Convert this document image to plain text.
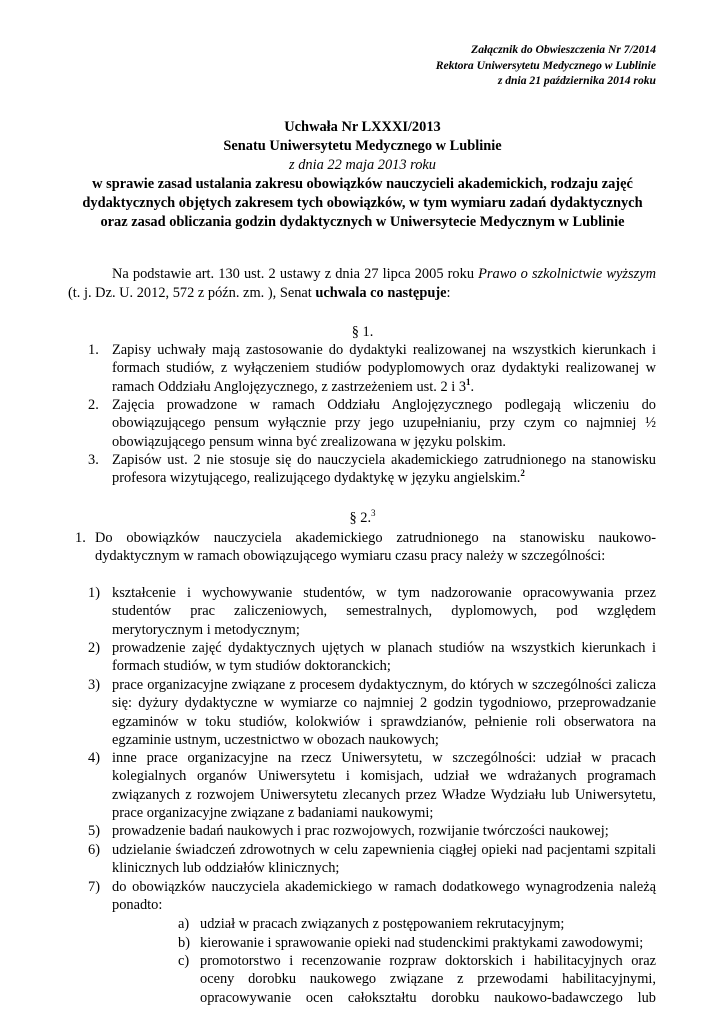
Załącznik do Obwieszczenia Nr 7/2014
Rektora Uniwersytetu Medycznego w Lublinie
z dnia 21 października 2014 roku
Uchwała Nr LXXXI/2013
Senatu Uniwersytetu Medycznego w Lublinie
z dnia 22 maja 2013 roku
w sprawie zasad ustalania zakresu obowiązków nauczycieli akademickich, rodzaju zajęć
dydaktycznych objętych zakresem tych obowiązków, w tym wymiaru zadań dydaktycznych
oraz zasad obliczania godzin dydaktycznych w Uniwersytecie Medycznym w Lublinie
Na podstawie art. 130 ust. 2 ustawy z dnia 27 lipca 2005 roku Prawo o szkolnictwie wyższym (t. j. Dz. U. 2012, 572 z późn. zm. ), Senat uchwala co następuje:
§ 1.
1. Zapisy uchwały mają zastosowanie do dydaktyki realizowanej na wszystkich kierunkach i formach studiów, z wyłączeniem studiów podyplomowych oraz dydaktyki realizowanej w ramach Oddziału Anglojęzycznego, z zastrzeżeniem ust. 2 i $3^1$.

2. Zajęcia prowadzone w ramach Oddziału Anglojęzycznego podlegają wliczeniu do obowiązującego pensum wyłącznie przy jego uzupełnianiu, przy czym co najmniej ½ obowiązującego pensum winna być zrealizowana w języku polskim.

3. Zapisów ust. 2 nie stosuje się do nauczyciela akademickiego zatrudnionego na stanowisku profesora wizytującego, realizującego dydaktykę w języku angielskim.$^2$

§ 2.$^3$
1. Do obowiązków nauczyciela akademickiego zatrudnionego na stanowisku naukowo-dydaktycznym w ramach obowiązującego wymiaru czasu pracy należy w szczególności:

1) kształcenie i wychowywanie studentów, w tym nadzorowanie opracowywania przez studentów prac zaliczeniowych, semestralnych, dyplomowych, pod względem merytorycznym i metodycznym;

2) prowadzenie zajęć dydaktycznych ujętych w planach studiów na wszystkich kierunkach i formach studiów, w tym studiów doktoranckich;

3) prace organizacyjne związane z procesem dydaktycznym, do których w szczególności zalicza się: dyżury dydaktyczne w wymiarze co najmniej 2 godzin tygodniowo, przeprowadzanie egzaminów w toku studiów, kolokwiów i sprawdzianów, pełnienie roli obserwatora na egzaminie ustnym, uczestnictwo w obozach naukowych;

4) inne prace organizacyjne na rzecz Uniwersytetu, w szczególności: udział w pracach kolegialnych organów Uniwersytetu i komisjach, udział we wdrażanych programach związanych z rozwojem Uniwersytetu zlecanych przez Władze Wydziału lub Uniwersytetu, prace organizacyjne związane z badaniami naukowymi;

5) prowadzenie badań naukowych i prac rozwojowych, rozwijanie twórczości naukowej;

6) udzielanie świadczeń zdrowotnych w celu zapewnienia ciągłej opieki nad pacjentami szpitali klinicznych lub oddziałów klinicznych;

7) do obowiązków nauczyciela akademickiego w ramach dodatkowego wynagrodzenia należą ponadto:

a) udział w pracach związanych z postępowaniem rekrutacyjnym;

b) kierowanie i sprawowanie opieki nad studenckimi praktykami zawodowymi;

c) promotorstwo i recenzowanie rozpraw doktorskich i habilitacyjnych oraz oceny dorobku naukowego związane z przewodami habilitacyjnymi, opracowywanie ocen całokształtu dorobku naukowo-badawczego lub
